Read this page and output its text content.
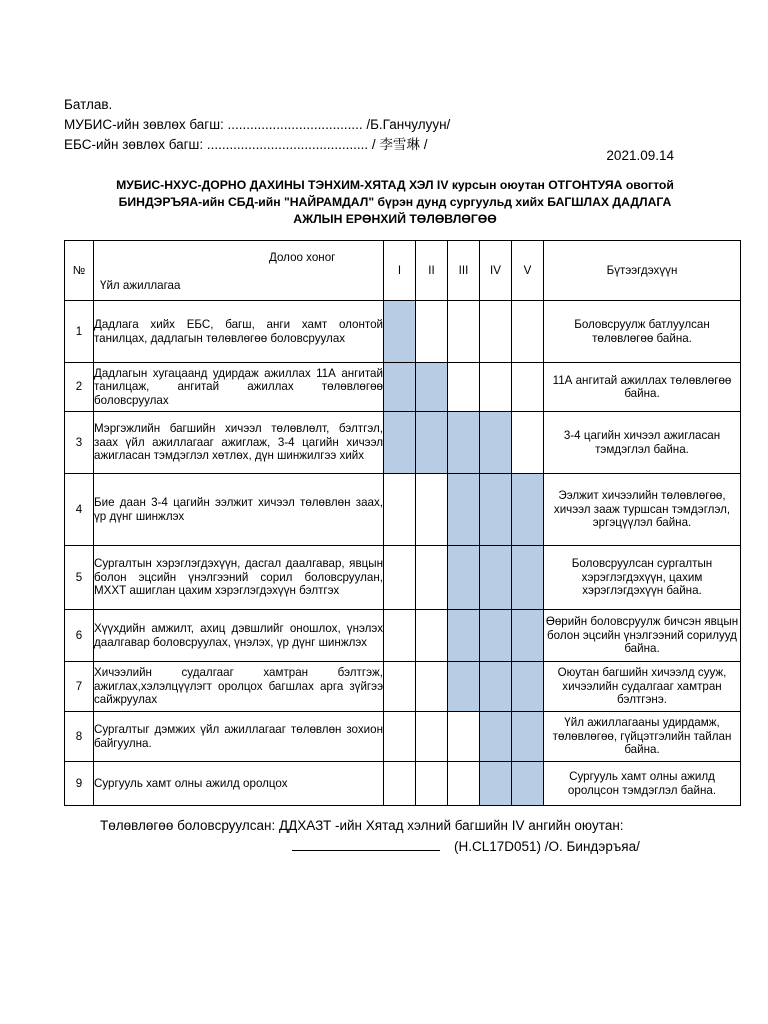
Батлав.
МУБИС-ийн зөвлөх багш: .................................... /Б.Ганчулуун/
ЕБС-ийн зөвлөх багш: ........................................... / 李雪琳 /
2021.09.14
МУБИС-НХУС-ДОРНО ДАХИНЫ ТЭНХИМ-ХЯТАД ХЭЛ IV курсын оюутан ОТГОНТУЯА овогтой
БИНДЭРЪЯА-ийн СБД-ийн "НАЙРАМДАЛ" бүрэн дунд сургуульд хийх БАГШЛАХ ДАДЛАГА
АЖЛЫН ЕРӨНХИЙ ТӨЛӨВЛӨГӨӨ
№	Долоо хоног
Үйл ажиллагаа	I	II	III	IV	V	Бүтээгдэхүүн
1	Дадлага хийх ЕБС, багш, анги хамт олонтой танилцах, дадлагын төлөвлөгөө боловсруулах						Боловсруулж батлуулсан төлөвлөгөө байна.
2	Дадлагын хугацаанд удирдаж ажиллах 11А ангитай танилцаж, ангитай ажиллах төлөвлөгөө боловсруулах						11А ангитай ажиллах төлөвлөгөө байна.
3	Мэргэжлийн багшийн хичээл төлөвлөлт, бэлтгэл, заах үйл ажиллагааг ажиглаж, 3-4 цагийн хичээл ажигласан тэмдэглэл хөтлөх, дүн шинжилгээ хийх						3-4 цагийн хичээл ажигласан тэмдэглэл байна.
4	Бие даан 3-4 цагийн ээлжит хичээл төлөвлөн заах, үр дүнг шинжлэх						Ээлжит хичээлийн төлөвлөгөө, хичээл зааж туршсан тэмдэглэл, эргэцүүлэл байна.
5	Сургалтын хэрэглэгдэхүүн, дасгал даалгавар, явцын болон эцсийн үнэлгээний сорил боловсруулан, МХХТ ашиглан цахим хэрэглэгдэхүүн бэлтгэх						Боловсруулсан сургалтын хэрэглэгдэхүүн, цахим хэрэглэгдэхүүн байна.
6	Хүүхдийн амжилт, ахиц дэвшлийг оношлох, үнэлэх даалгавар боловсруулах, үнэлэх, үр дүнг шинжлэх						Өөрийн боловсруулж бичсэн явцын болон эцсийн үнэлгээний сорилууд байна.
7	Хичээлийн судалгааг хамтран бэлтгэж, ажиглах,хэлэлцүүлэгт оролцох багшлах арга зүйгээ сайжруулах						Оюутан багшийн хичээлд сууж, хичээлийн судалгааг хамтран бэлтгэнэ.
8	Сургалтыг дэмжих үйл ажиллагааг төлөвлөн зохион байгуулна.						Үйл ажиллагааны удирдамж, төлөвлөгөө, гүйцэтгэлийн тайлан байна.
9	Сургууль хамт олны ажилд оролцох						Сургууль хамт олны ажилд оролцсон тэмдэглэл байна.
Төлөвлөгөө боловсруулсан: ДДХАЗТ -ийн Хятад хэлний багшийн IV ангийн оюутан:
(H.CL17D051) /О. Биндэръяа/
